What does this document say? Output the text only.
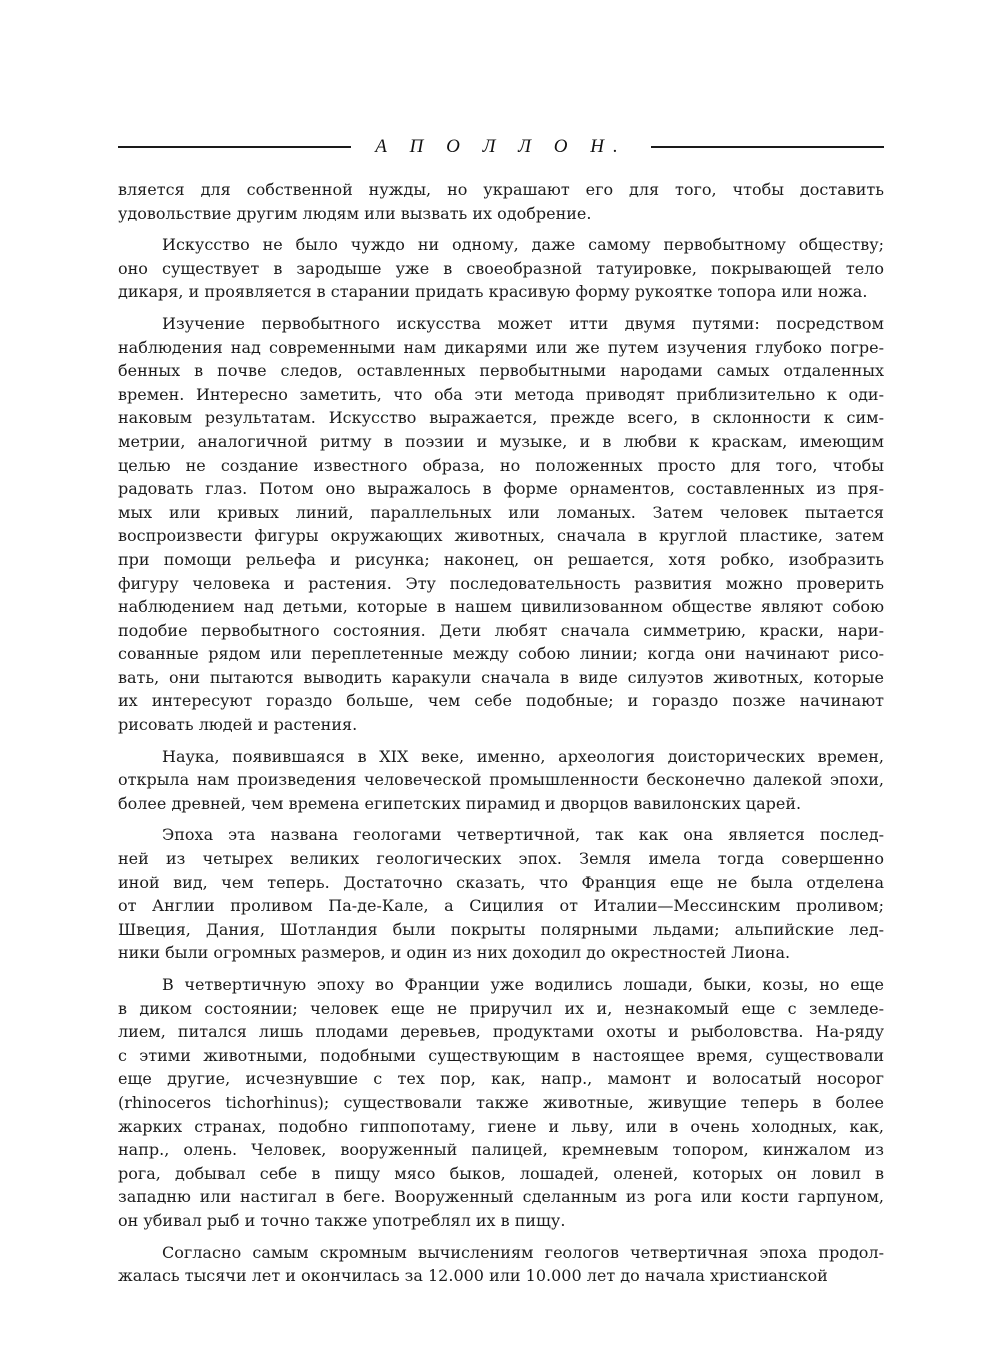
А П О Л Л О Н.
вляется для собственной нужды, но украшают его для того, чтобы доставить
удовольствие другим людям или вызвать их одобрение.
Искусство не было чуждо ни одному, даже самому первобытному обществу;
оно существует в зародыше уже в своеобразной татуировке, покрывающей тело
дикаря, и проявляется в старании придать красивую форму рукоятке топора или ножа.
Изучение первобытного искусства может итти двумя путями: посредством
наблюдения над современными нам дикарями или же путем изучения глубоко погре-
бенных в почве следов, оставленных первобытными народами самых отдаленных
времен. Интересно заметить, что оба эти метода приводят приблизительно к оди-
наковым результатам. Искусство выражается, прежде всего, в склонности к сим-
метрии, аналогичной ритму в поэзии и музыке, и в любви к краскам, имеющим
целью не создание известного образа, но положенных просто для того, чтобы
радовать глаз. Потом оно выражалось в форме орнаментов, составленных из пря-
мых или кривых линий, параллельных или ломаных. Затем человек пытается
воспроизвести фигуры окружающих животных, сначала в круглой пластике, затем
при помощи рельефа и рисунка; наконец, он решается, хотя робко, изобразить
фигуру человека и растения. Эту последовательность развития можно проверить
наблюдением над детьми, которые в нашем цивилизованном обществе являют собою
подобие первобытного состояния. Дети любят сначала симметрию, краски, нари-
сованные рядом или переплетенные между собою линии; когда они начинают рисо-
вать, они пытаются выводить каракули сначала в виде силуэтов животных, которые
их интересуют гораздо больше, чем себе подобные; и гораздо позже начинают
рисовать людей и растения.
Наука, появившаяся в XIX веке, именно, археология доисторических времен,
открыла нам произведения человеческой промышленности бесконечно далекой эпохи,
более древней, чем времена египетских пирамид и дворцов вавилонских царей.
Эпоха эта названа геологами четвертичной, так как она является послед-
ней из четырех великих геологических эпох. Земля имела тогда совершенно
иной вид, чем теперь. Достаточно сказать, что Франция еще не была отделена
от Англии проливом Па-де-Кале, а Сицилия от Италии—Мессинским проливом;
Швеция, Дания, Шотландия были покрыты полярными льдами; альпийские лед-
ники были огромных размеров, и один из них доходил до окрестностей Лиона.
В четвертичную эпоху во Франции уже водились лошади, быки, козы, но еще
в диком состоянии; человек еще не приручил их и, незнакомый еще с земледе-
лием, питался лишь плодами деревьев, продуктами охоты и рыболовства. На-ряду
с этими животными, подобными существующим в настоящее время, существовали
еще другие, исчезнувшие с тех пор, как, напр., мамонт и волосатый носорог
(rhinoceros tichorhinus); существовали также животные, живущие теперь в более
жарких странах, подобно гиппопотаму, гиене и льву, или в очень холодных, как,
напр., олень. Человек, вооруженный палицей, кремневым топором, кинжалом из
рога, добывал себе в пищу мясо быков, лошадей, оленей, которых он ловил в
западню или настигал в беге. Вооруженный сделанным из рога или кости гарпуном,
он убивал рыб и точно также употреблял их в пищу.
Согласно самым скромным вычислениям геологов четвертичная эпоха продол-
жалась тысячи лет и окончилась за 12.000 или 10.000 лет до начала христианской
